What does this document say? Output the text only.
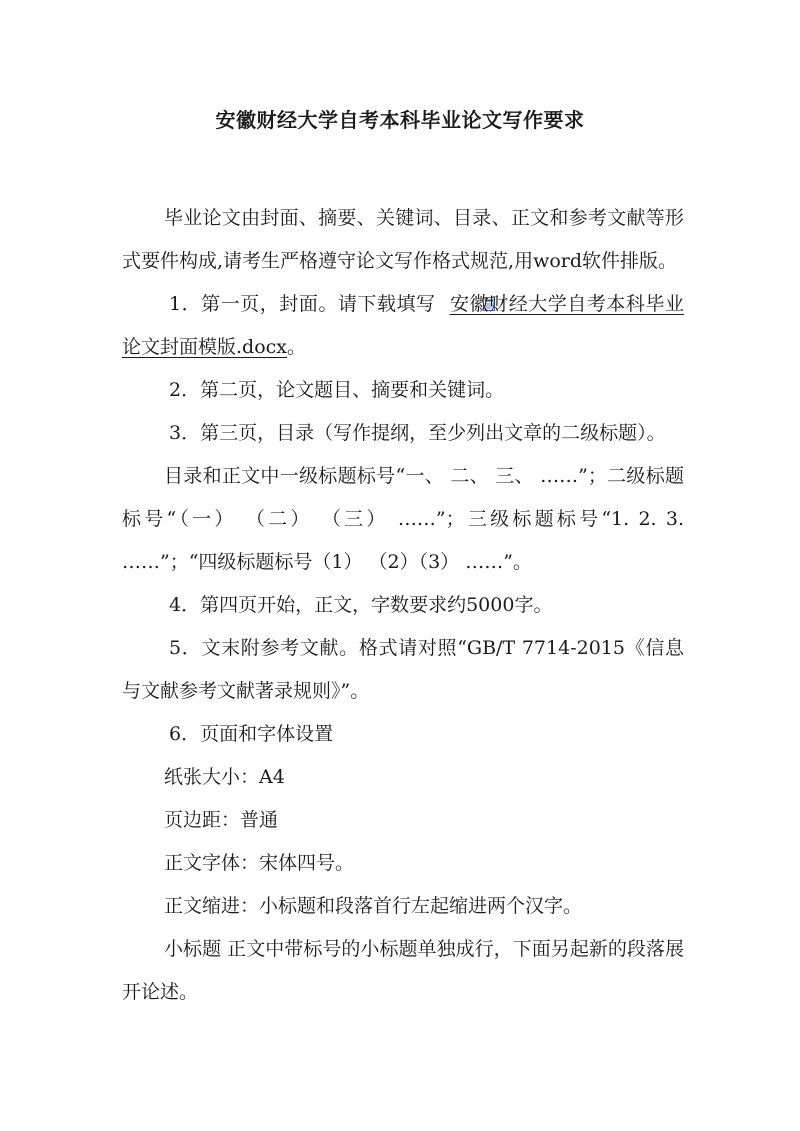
安徽财经大学自考本科毕业论文写作要求

毕业论文由封面、摘要、关键词、目录、正文和参考文献等形式要件构成,请考生严格遵守论文写作格式规范,用word软件排版。

1．第一页，封面。请下载填写 安徽财经大学自考本科毕业论文封面模版.docx。

2．第二页，论文题目、摘要和关键词。

3．第三页，目录（写作提纲，至少列出文章的二级标题）。

目录和正文中一级标题标号“一、 二、 三、 ……”；二级标题标号“（一） （二） （三） ……”；三级标题标号“1. 2. 3. ……”；“四级标题标号（1） （2）（3） ……”。

4．第四页开始，正文，字数要求约5000字。

5．文末附参考文献。格式请对照“GB/T 7714-2015《信息与文献参考文献著录规则》”。

6．页面和字体设置

纸张大小：A4

页边距：普通

正文字体：宋体四号。

正文缩进：小标题和段落首行左起缩进两个汉字。

小标题 正文中带标号的小标题单独成行，下面另起新的段落展开论述。
